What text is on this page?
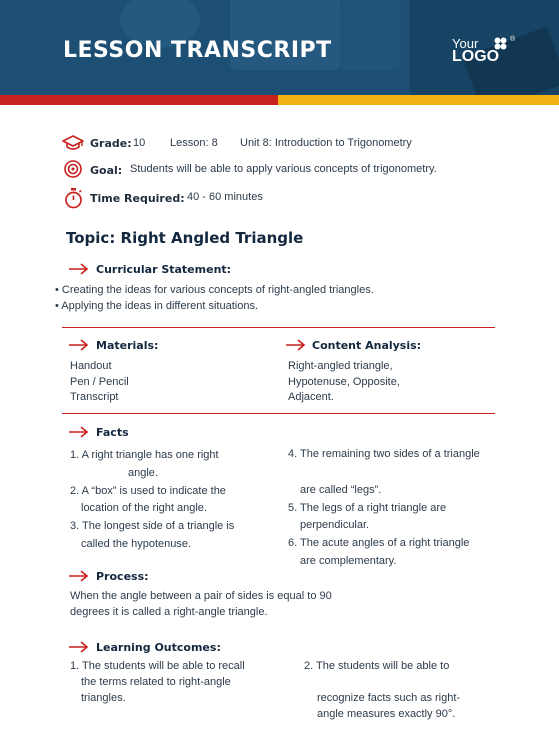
LESSON TRANSCRIPT	Your	®
LOGO
Grade: 10 Lesson: 8 Unit 8: Introduction to Trigonometry
Goal: Students will be able to apply various concepts of trigonometry.
Time Required: 40 - 60 minutes
Topic: Right Angled Triangle
Curricular Statement:
• Creating the ideas for various concepts of right-angled triangles.
• Applying the ideas in different situations.
Materials:
Handout
Pen / Pencil
Transcript
Content Analysis:
Right-angled triangle,
Hypotenuse, Opposite,
Adjacent.
Facts
1. A right triangle has one right
angle.
2. A “box” is used to indicate the
location of the right angle.
3. The longest side of a triangle is
called the hypotenuse.
4. The remaining two sides of a triangle
are called “legs”.
5. The legs of a right triangle are
perpendicular.
6. The acute angles of a right triangle
are complementary.
Process:
When the angle between a pair of sides is equal to 90
degrees it is called a right-angle triangle.
Learning Outcomes:
1. The students will be able to recall
the terms related to right-angle
triangles.
2. The students will be able to
recognize facts such as right-
angle measures exactly 90°.
